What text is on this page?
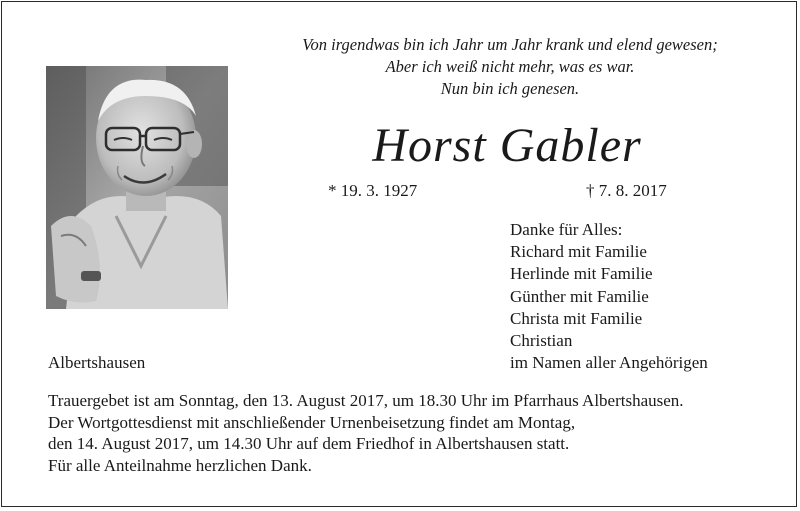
Von irgendwas bin ich Jahr um Jahr krank und elend gewesen;
Aber ich weiß nicht mehr, was es war.
Nun bin ich genesen.
Horst Gabler
* 19. 3. 1927	† 7. 8. 2017
Danke für Alles:
Richard mit Familie
Herlinde mit Familie
Günther mit Familie
Christa mit Familie
Christian
im Namen aller Angehörigen
Albertshausen
Trauergebet ist am Sonntag, den 13. August 2017, um 18.30 Uhr im Pfarrhaus Albertshausen.
Der Wortgottesdienst mit anschließender Urnenbeisetzung findet am Montag,
den 14. August 2017, um 14.30 Uhr auf dem Friedhof in Albertshausen statt.
Für alle Anteilnahme herzlichen Dank.
